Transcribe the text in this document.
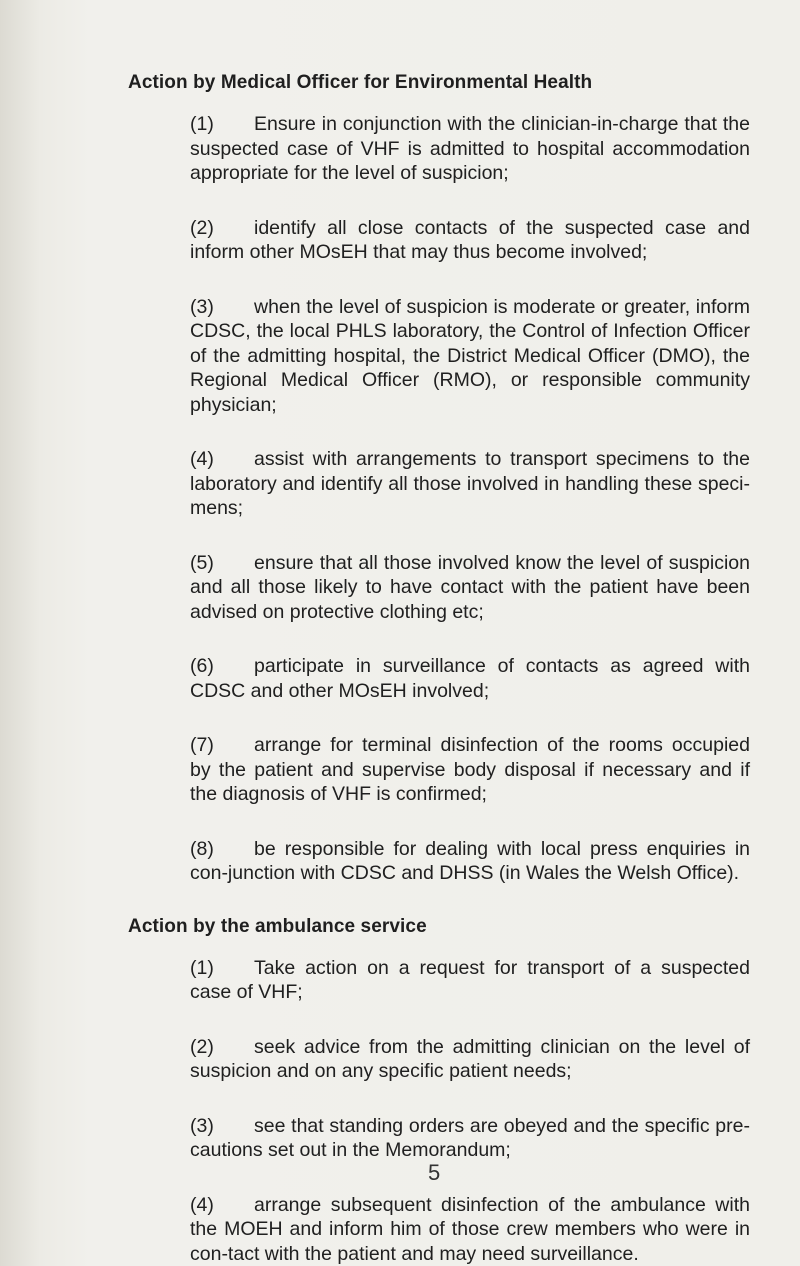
Action by Medical Officer for Environmental Health

(1) Ensure in conjunction with the clinician-in-charge that the suspected case of VHF is admitted to hospital accommodation appropriate for the level of suspicion;

(2) identify all close contacts of the suspected case and inform other MOsEH that may thus become involved;

(3) when the level of suspicion is moderate or greater, inform CDSC, the local PHLS laboratory, the Control of Infection Officer of the admitting hospital, the District Medical Officer (DMO), the Regional Medical Officer (RMO), or responsible community physician;

(4) assist with arrangements to transport specimens to the laboratory and identify all those involved in handling these speci-mens;

(5) ensure that all those involved know the level of suspicion and all those likely to have contact with the patient have been advised on protective clothing etc;

(6) participate in surveillance of contacts as agreed with CDSC and other MOsEH involved;

(7) arrange for terminal disinfection of the rooms occupied by the patient and supervise body disposal if necessary and if the diagnosis of VHF is confirmed;

(8) be responsible for dealing with local press enquiries in con-junction with CDSC and DHSS (in Wales the Welsh Office).

Action by the ambulance service

(1) Take action on a request for transport of a suspected case of VHF;

(2) seek advice from the admitting clinician on the level of suspicion and on any specific patient needs;

(3) see that standing orders are obeyed and the specific pre-cautions set out in the Memorandum;

(4) arrange subsequent disinfection of the ambulance with the MOEH and inform him of those crew members who were in con-tact with the patient and may need surveillance.

5
